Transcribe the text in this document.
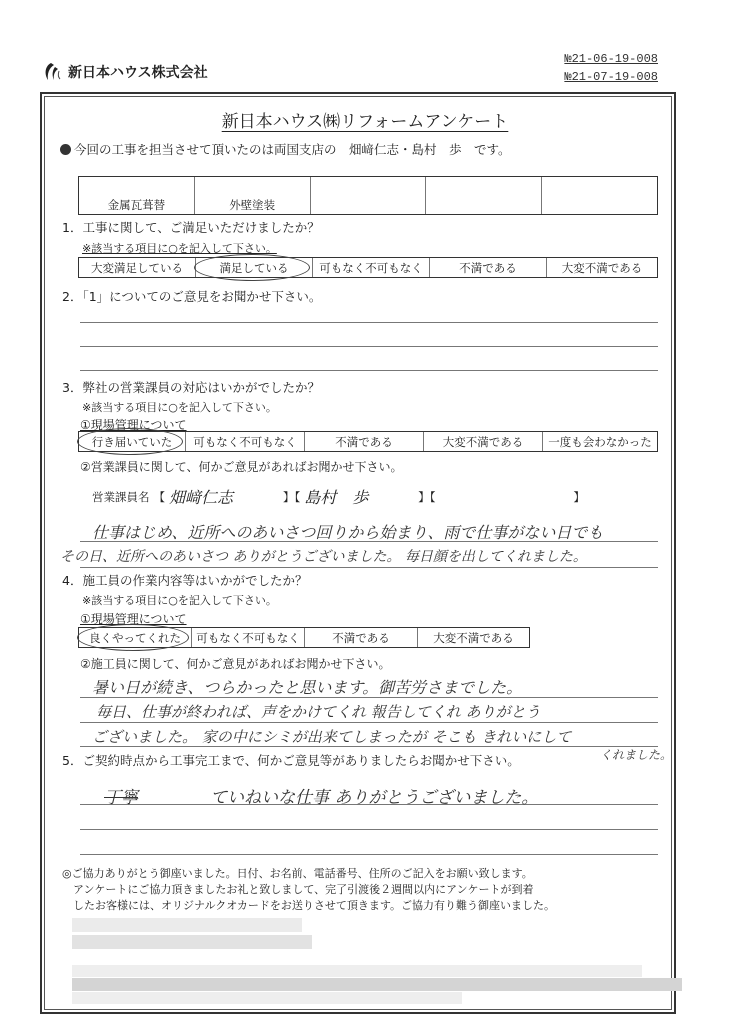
新日本ハウス株式会社
№21-06-19-008
№21-07-19-008
新日本ハウス㈱リフォームアンケート
今回の工事を担当させて頂いたのは両国支店の　畑﨑仁志・島村　歩　です。
金属瓦葺替	外壁塗装
1．工事に関して、ご満足いただけましたか？
※該当する項目に○を記入して下さい。
大変満足している	満足している	可もなく不可もなく	不満である	大変不満である
2．「1」についてのご意見をお聞かせ下さい。
3．弊社の営業課員の対応はいかがでしたか？
※該当する項目に○を記入して下さい。
①現場管理について
行き届いていた	可もなく不可もなく	不満である	大変不満である	一度も会わなかった
②営業課員に関して、何かご意見があればお聞かせ下さい。
営業課員名 【 畑﨑仁志	】【 島村　歩	】【	】
仕事はじめ、近所へのあいさつ回りから始まり、雨で仕事がない日でも
その日、近所へのあいさつ ありがとうございました。 毎日顔を出してくれました。
4．施工員の作業内容等はいかがでしたか？
※該当する項目に○を記入して下さい。
①現場管理について
良くやってくれた	可もなく不可もなく	不満である	大変不満である
②施工員に関して、何かご意見があればお聞かせ下さい。
暑い日が続き、つらかったと思います。御苦労さまでした。
毎日、仕事が終われば、声をかけてくれ 報告してくれ ありがとう
ございました。 家の中にシミが出来てしまったが そこも きれいにして
くれました。
5．ご契約時点から工事完工まで、何かご意見等がありましたらお聞かせ下さい。
丁寧	ていねいな仕事 ありがとうございました。
◎ご協力ありがとう御座いました。日付、お名前、電話番号、住所のご記入をお願い致します。
　アンケートにご協力頂きましたお礼と致しまして、完了引渡後２週間以内にアンケートが到着
　したお客様には、オリジナルクオカードをお送りさせて頂きます。ご協力有り難う御座いました。
